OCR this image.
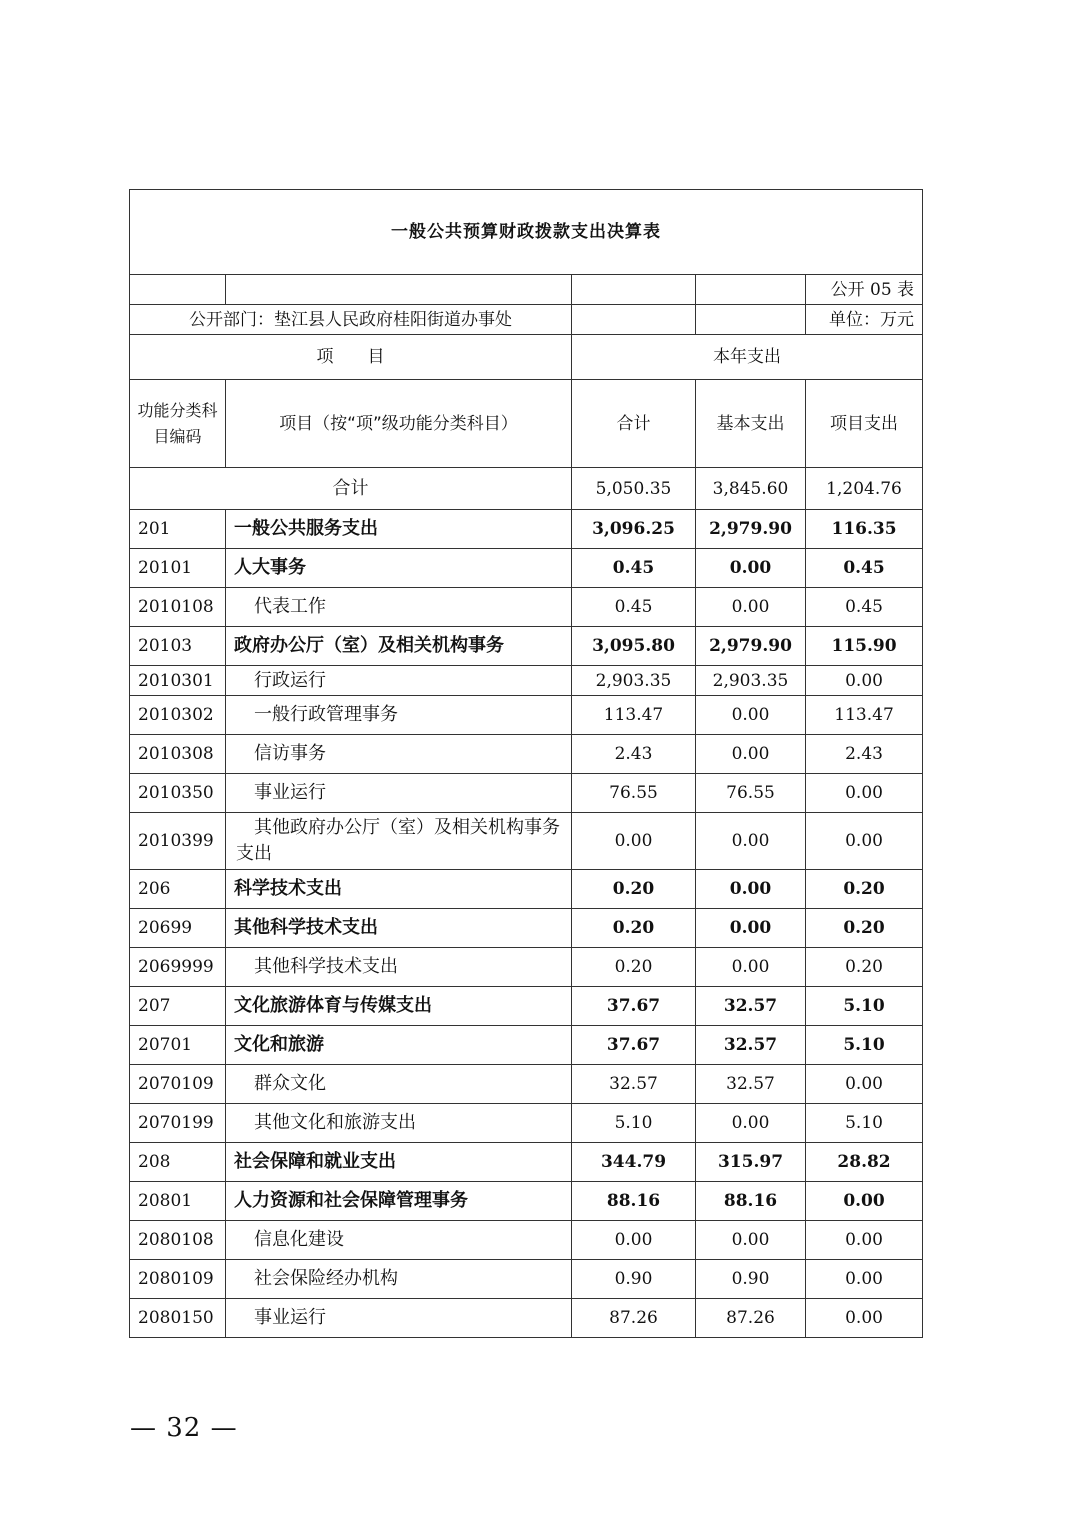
一般公共预算财政拨款支出决算表				
				公开 05 表
公开部门：垫江县人民政府桂阳街道办事处				单位：万元
项　　目		本年支出		
功能分类科目编码	项目（按“项”级功能分类科目）	合计	基本支出	项目支出
合计		5,050.35	3,845.60	1,204.76
201	一般公共服务支出	3,096.25	2,979.90	116.35
20101	人大事务	0.45	0.00	0.45
2010108	代表工作	0.45	0.00	0.45
20103	政府办公厅（室）及相关机构事务	3,095.80	2,979.90	115.90
2010301	行政运行	2,903.35	2,903.35	0.00
2010302	一般行政管理事务	113.47	0.00	113.47
2010308	信访事务	2.43	0.00	2.43
2010350	事业运行	76.55	76.55	0.00
2010399	其他政府办公厅（室）及相关机构事务支出	0.00	0.00	0.00
206	科学技术支出	0.20	0.00	0.20
20699	其他科学技术支出	0.20	0.00	0.20
2069999	其他科学技术支出	0.20	0.00	0.20
207	文化旅游体育与传媒支出	37.67	32.57	5.10
20701	文化和旅游	37.67	32.57	5.10
2070109	群众文化	32.57	32.57	0.00
2070199	其他文化和旅游支出	5.10	0.00	5.10
208	社会保障和就业支出	344.79	315.97	28.82
20801	人力资源和社会保障管理事务	88.16	88.16	0.00
2080108	信息化建设	0.00	0.00	0.00
2080109	社会保险经办机构	0.90	0.90	0.00
2080150	事业运行	87.26	87.26	0.00
— 32 —
